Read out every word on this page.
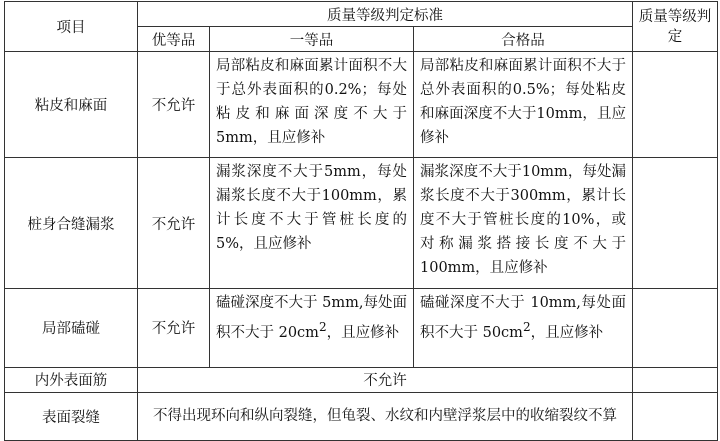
项目	质量等级判定标准			质量等级判定
	优等品	一等品	合格品	
粘皮和麻面	不允许	局部粘皮和麻面累计面积不大于总外表面积的0.2%；每处粘皮和麻面深度不大于5mm，且应修补	局部粘皮和麻面累计面积不大于总外表面积的0.5%；每处粘皮和麻面深度不大于10mm，且应修补	
桩身合缝漏浆	不允许	漏浆深度不大于5mm，每处漏浆长度不大于100mm，累计长度不大于管桩长度的5%，且应修补	漏浆深度不大于10mm，每处漏浆长度不大于300mm，累计长度不大于管桩长度的10%，或对称漏浆搭接长度不大于100mm，且应修补	
局部磕碰	不允许	磕碰深度不大于 5mm,每处面积不大于 $20cm^2$，且应修补	磕碰深度不大于 10mm,每处面积不大于 $50cm^2$，且应修补	
内外表面筋	不允许			
表面裂缝	不得出现环向和纵向裂缝，但龟裂、水纹和内壁浮浆层中的收缩裂纹不算			
​
